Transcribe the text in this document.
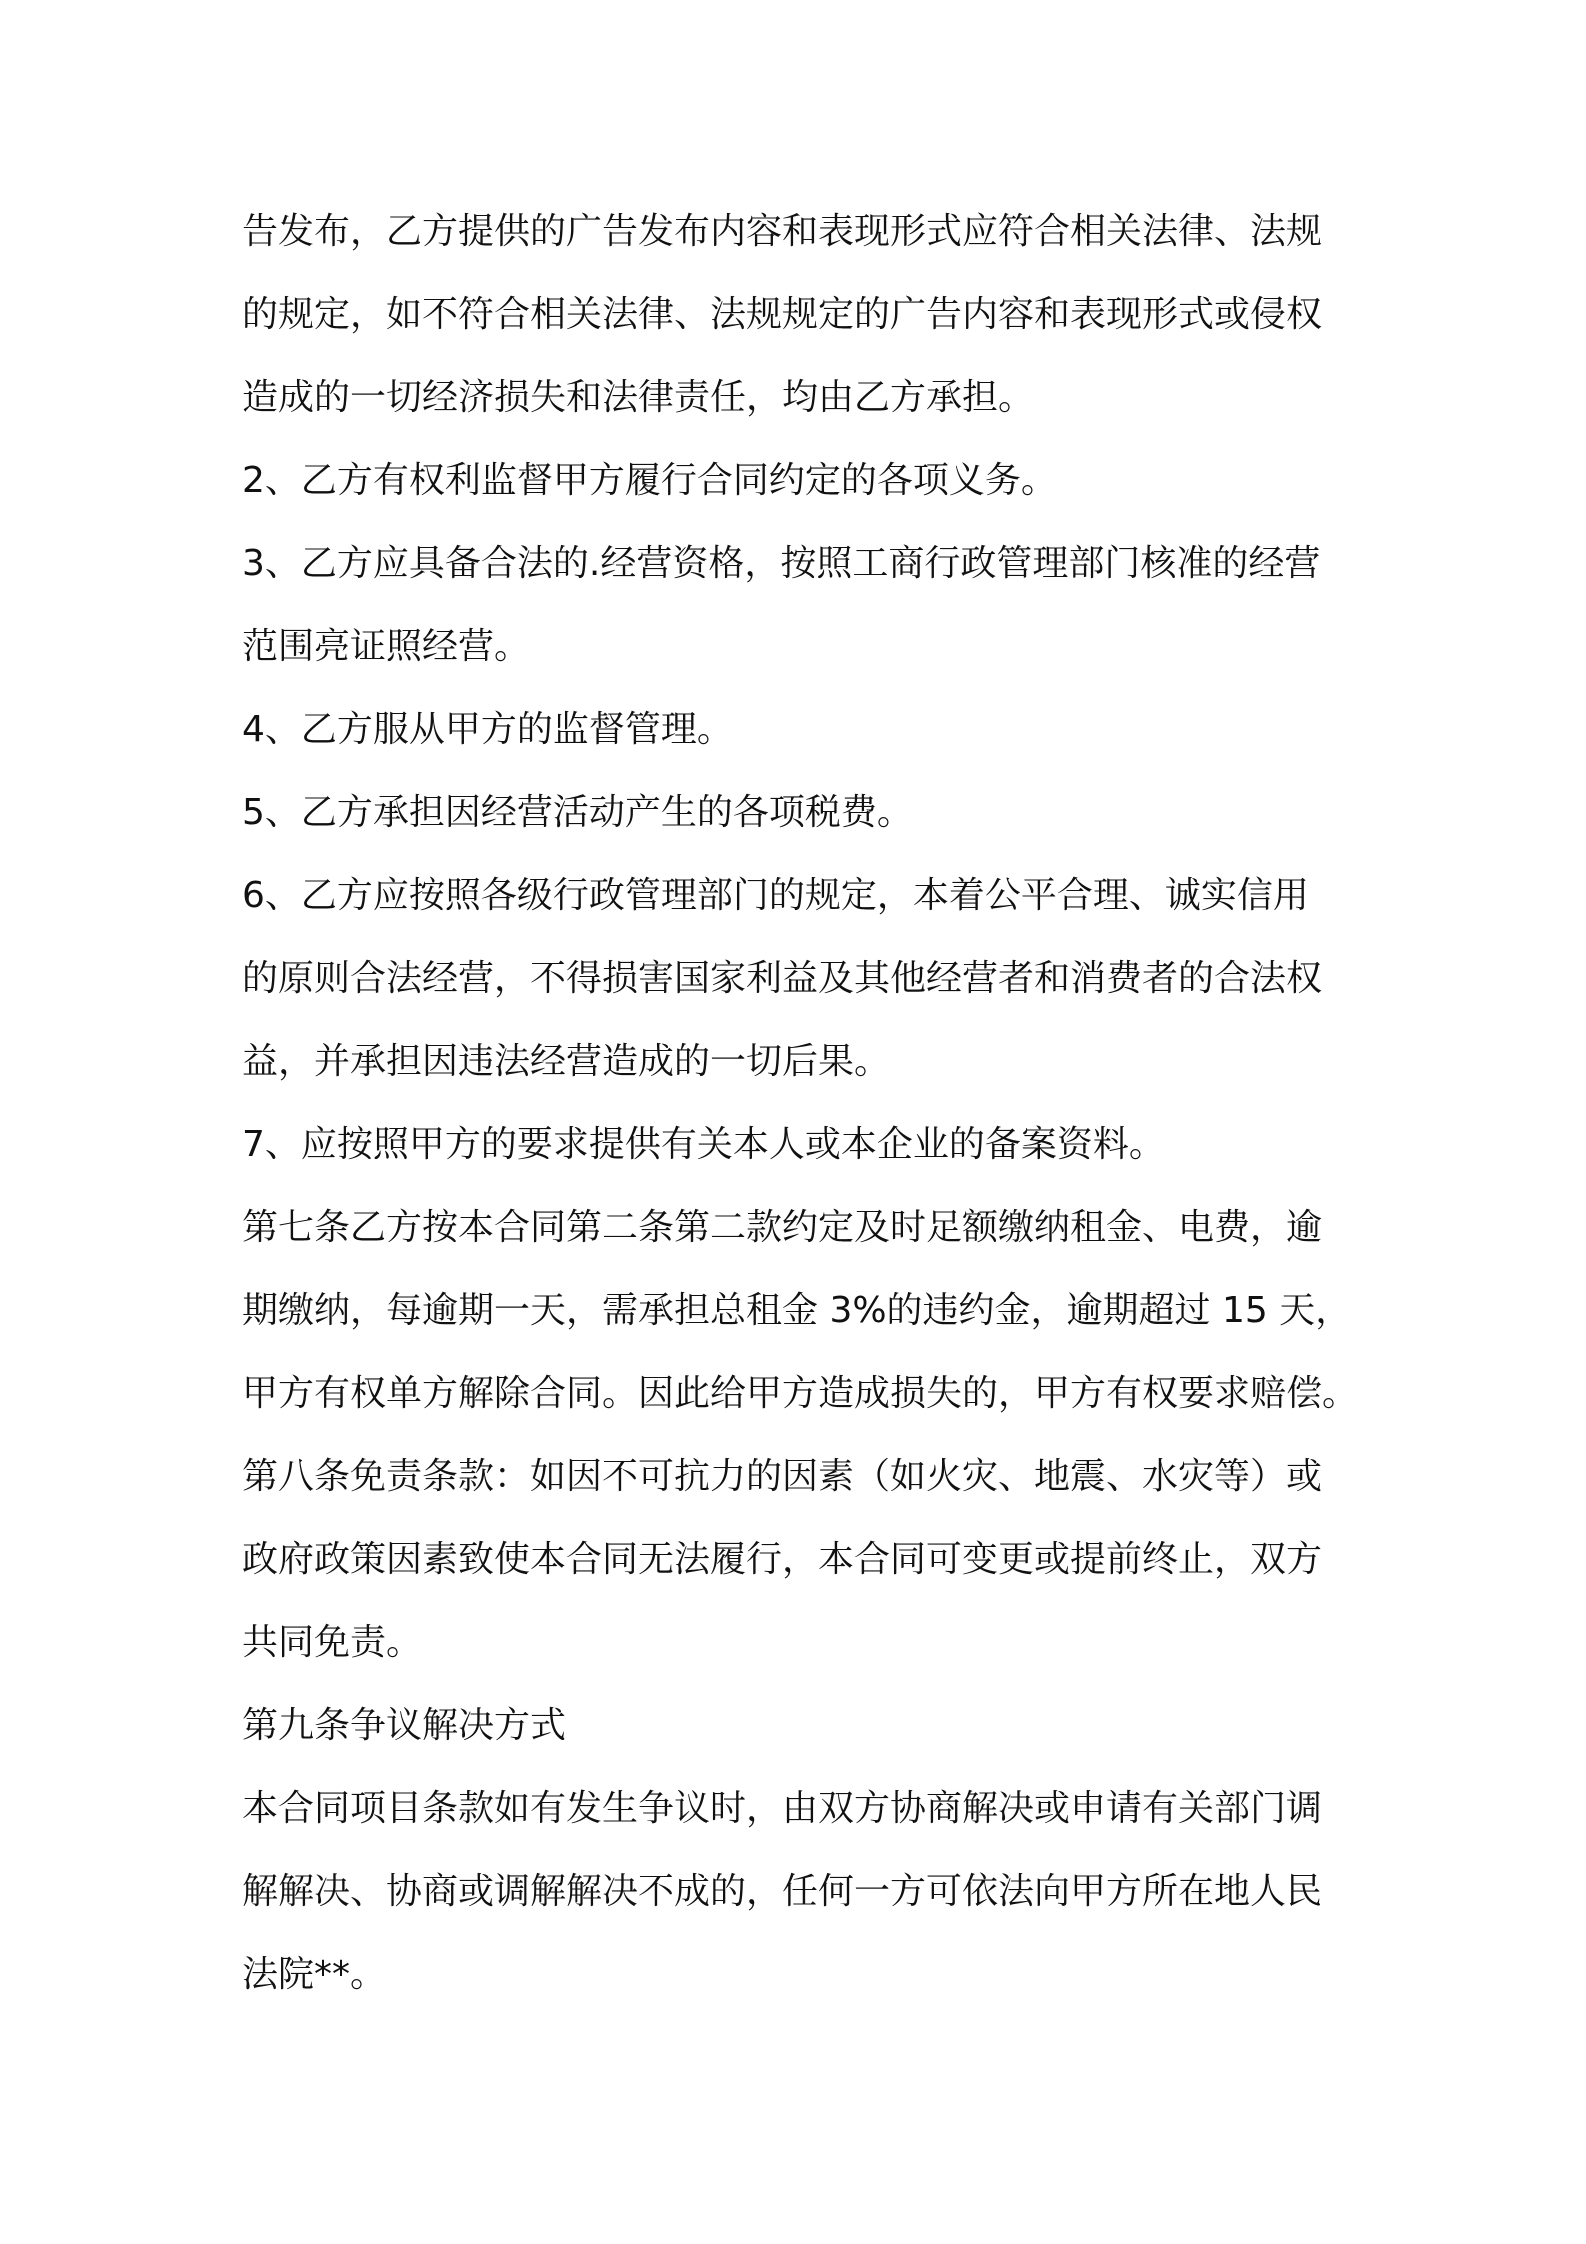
告发布，乙方提供的广告发布内容和表现形式应符合相关法律、法规
的规定，如不符合相关法律、法规规定的广告内容和表现形式或侵权
造成的一切经济损失和法律责任，均由乙方承担。
2、乙方有权利监督甲方履行合同约定的各项义务。
3、乙方应具备合法的.经营资格，按照工商行政管理部门核准的经营
范围亮证照经营。
4、乙方服从甲方的监督管理。
5、乙方承担因经营活动产生的各项税费。
6、乙方应按照各级行政管理部门的规定，本着公平合理、诚实信用
的原则合法经营，不得损害国家利益及其他经营者和消费者的合法权
益，并承担因违法经营造成的一切后果。
7、应按照甲方的要求提供有关本人或本企业的备案资料。
第七条乙方按本合同第二条第二款约定及时足额缴纳租金、电费，逾
期缴纳，每逾期一天，需承担总租金 3%的违约金，逾期超过 15 天，
甲方有权单方解除合同。因此给甲方造成损失的，甲方有权要求赔偿。
第八条免责条款：如因不可抗力的因素（如火灾、地震、水灾等）或
政府政策因素致使本合同无法履行，本合同可变更或提前终止，双方
共同免责。
第九条争议解决方式
本合同项目条款如有发生争议时，由双方协商解决或申请有关部门调
解解决、协商或调解解决不成的，任何一方可依法向甲方所在地人民
法院**。
